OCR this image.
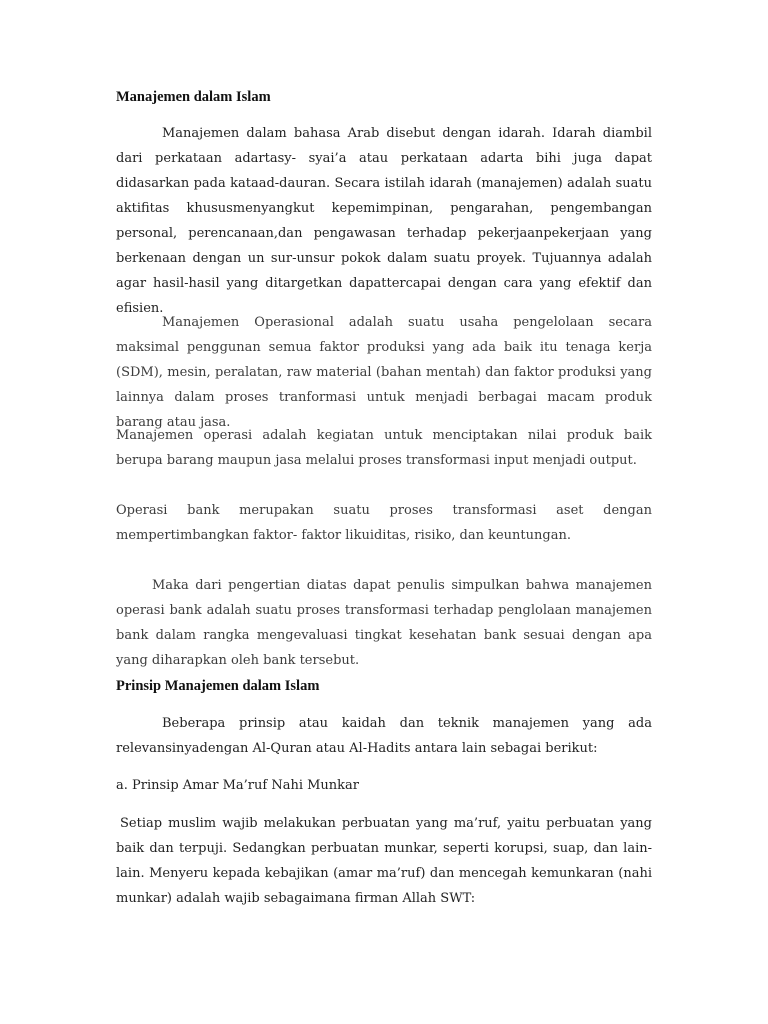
Manajemen dalam Islam

Manajemen dalam bahasa Arab disebut dengan idarah. Idarah diambil dari perkataan adartasy- syai’a atau perkataan adarta bihi juga dapat didasarkan pada kataad-dauran. Secara istilah idarah (manajemen) adalah suatu aktifitas khususmenyangkut kepemimpinan, pengarahan, pengembangan personal, perencanaan,dan pengawasan terhadap pekerjaanpekerjaan yang berkenaan dengan un sur-unsur pokok dalam suatu proyek. Tujuannya adalah agar hasil-hasil yang ditargetkan dapattercapai dengan cara yang efektif dan efisien.

Manajemen Operasional adalah suatu usaha pengelolaan secara maksimal penggunan semua faktor produksi yang ada baik itu tenaga kerja (SDM), mesin, peralatan, raw material (bahan mentah) dan faktor produksi yang lainnya dalam proses tranformasi untuk menjadi berbagai macam produk barang atau jasa.

Manajemen operasi adalah kegiatan untuk menciptakan nilai produk baik berupa barang maupun jasa melalui proses transformasi input menjadi output.

Operasi bank merupakan suatu proses transformasi aset dengan mempertimbangkan faktor- faktor likuiditas, risiko, dan keuntungan.

Maka dari pengertian diatas dapat penulis simpulkan bahwa manajemen operasi bank adalah suatu proses transformasi terhadap penglolaan manajemen bank dalam rangka mengevaluasi tingkat kesehatan bank sesuai dengan apa yang diharapkan oleh bank tersebut.

Prinsip Manajemen dalam Islam

Beberapa prinsip atau kaidah dan teknik manajemen yang ada relevansinyadengan Al-Quran atau Al-Hadits antara lain sebagai berikut:

a. Prinsip Amar Ma’ruf Nahi Munkar

Setiap muslim wajib melakukan perbuatan yang ma’ruf, yaitu perbuatan yang baik dan terpuji. Sedangkan perbuatan munkar, seperti korupsi, suap, dan lain-lain. Menyeru kepada kebajikan (amar ma’ruf) dan mencegah kemunkaran (nahi munkar) adalah wajib sebagaimana firman Allah SWT:
